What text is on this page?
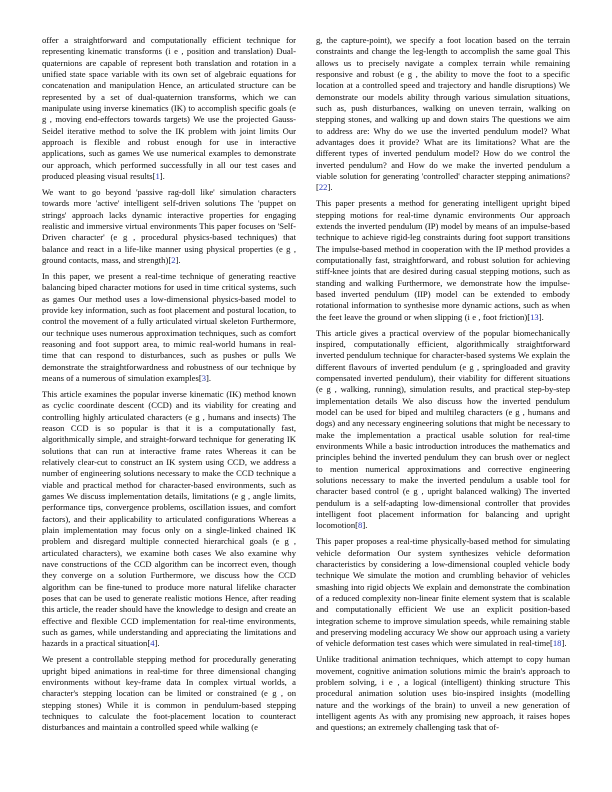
offer a straightforward and computationally efficient technique for representing kinematic transforms (i e , position and translation) Dual-quaternions are capable of represent both translation and rotation in a unified state space variable with its own set of algebraic equations for concatenation and manipulation Hence, an articulated structure can be represented by a set of dual-quaternion transforms, which we can manipulate using inverse kinematics (IK) to accomplish specific goals (e g , moving end-effectors towards targets) We use the projected Gauss-Seidel iterative method to solve the IK problem with joint limits Our approach is flexible and robust enough for use in interactive applications, such as games We use numerical examples to demonstrate our approach, which performed successfully in all our test cases and produced pleasing visual results[1].

We want to go beyond 'passive rag-doll like' simulation characters towards more 'active' intelligent self-driven solutions The 'puppet on strings' approach lacks dynamic interactive properties for engaging realistic and immersive virtual environments This paper focuses on 'Self-Driven character' (e g , procedural physics-based techniques) that balance and react in a life-like manner using physical properties (e g , ground contacts, mass, and strength)[2].

In this paper, we present a real-time technique of generating reactive balancing biped character motions for used in time critical systems, such as games Our method uses a low-dimensional physics-based model to provide key information, such as foot placement and postural location, to control the movement of a fully articulated virtual skeleton Furthermore, our technique uses numerous approximation techniques, such as comfort reasoning and foot support area, to mimic real-world humans in real-time that can respond to disturbances, such as pushes or pulls We demonstrate the straightforwardness and robustness of our technique by means of a numerous of simulation examples[3].

This article examines the popular inverse kinematic (IK) method known as cyclic coordinate descent (CCD) and its viability for creating and controlling highly articulated characters (e g , humans and insects) The reason CCD is so popular is that it is a computationally fast, algorithmically simple, and straight-forward technique for generating IK solutions that can run at interactive frame rates Whereas it can be relatively clear-cut to construct an IK system using CCD, we address a number of engineering solutions necessary to make the CCD technique a viable and practical method for character-based environments, such as games We discuss implementation details, limitations (e g , angle limits, performance tips, convergence problems, oscillation issues, and comfort factors), and their applicability to articulated configurations Whereas a plain implementation may focus only on a single-linked chained IK problem and disregard multiple connected hierarchical goals (e g , articulated characters), we examine both cases We also examine why nave constructions of the CCD algorithm can be incorrect even, though they converge on a solution Furthermore, we discuss how the CCD algorithm can be fine-tuned to produce more natural lifelike character poses that can be used to generate realistic motions Hence, after reading this article, the reader should have the knowledge to design and create an effective and flexible CCD implementation for real-time environments, such as games, while understanding and appreciating the limitations and hazards in a practical situation[4].

We present a controllable stepping method for procedurally generating upright biped animations in real-time for three dimensional changing environments without key-frame data In complex virtual worlds, a character's stepping location can be limited or constrained (e g , on stepping stones) While it is common in pendulum-based stepping techniques to calculate the foot-placement location to counteract disturbances and maintain a controlled speed while walking (e

g, the capture-point), we specify a foot location based on the terrain constraints and change the leg-length to accomplish the same goal This allows us to precisely navigate a complex terrain while remaining responsive and robust (e g , the ability to move the foot to a specific location at a controlled speed and trajectory and handle disruptions) We demonstrate our models ability through various simulation situations, such as, push disturbances, walking on uneven terrain, walking on stepping stones, and walking up and down stairs The questions we aim to address are: Why do we use the inverted pendulum model? What advantages does it provide? What are its limitations? What are the different types of inverted pendulum model? How do we control the inverted pendulum? and How do we make the inverted pendulum a viable solution for generating 'controlled' character stepping animations?[22].

This paper presents a method for generating intelligent upright biped stepping motions for real-time dynamic environments Our approach extends the inverted pendulum (IP) model by means of an impulse-based technique to achieve rigid-leg constraints during foot support transitions The impulse-based method in cooperation with the IP method provides a computationally fast, straightforward, and robust solution for achieving stiff-knee joints that are desired during casual stepping motions, such as standing and walking Furthermore, we demonstrate how the impulse-based inverted pendulum (IIP) model can be extended to embody rotational information to synthesise more dynamic actions, such as when the feet leave the ground or when slipping (i e , foot friction)[13].

This article gives a practical overview of the popular biomechanically inspired, computationally efficient, algorithmically straightforward inverted pendulum technique for character-based systems We explain the different flavours of inverted pendulum (e g , springloaded and gravity compensated inverted pendulum), their viability for different situations (e g , walking, running), simulation results, and practical step-by-step implementation details We also discuss how the inverted pendulum model can be used for biped and multileg characters (e g , humans and dogs) and any necessary engineering solutions that might be necessary to make the implementation a practical usable solution for real-time environments While a basic introduction introduces the mathematics and principles behind the inverted pendulum they can brush over or neglect to mention numerical approximations and corrective engineering solutions necessary to make the inverted pendulum a usable tool for character based control (e g , upright balanced walking) The inverted pendulum is a self-adapting low-dimensional controller that provides intelligent foot placement information for balancing and upright locomotion[8].

This paper proposes a real-time physically-based method for simulating vehicle deformation Our system synthesizes vehicle deformation characteristics by considering a low-dimensional coupled vehicle body technique We simulate the motion and crumbling behavior of vehicles smashing into rigid objects We explain and demonstrate the combination of a reduced complexity non-linear finite element system that is scalable and computationally efficient We use an explicit position-based integration scheme to improve simulation speeds, while remaining stable and preserving modeling accuracy We show our approach using a variety of vehicle deformation test cases which were simulated in real-time[18].

Unlike traditional animation techniques, which attempt to copy human movement, cognitive animation solutions mimic the brain's approach to problem solving, i e , a logical (intelligent) thinking structure This procedural animation solution uses bio-inspired insights (modelling nature and the workings of the brain) to unveil a new generation of intelligent agents As with any promising new approach, it raises hopes and questions; an extremely challenging task that of-
